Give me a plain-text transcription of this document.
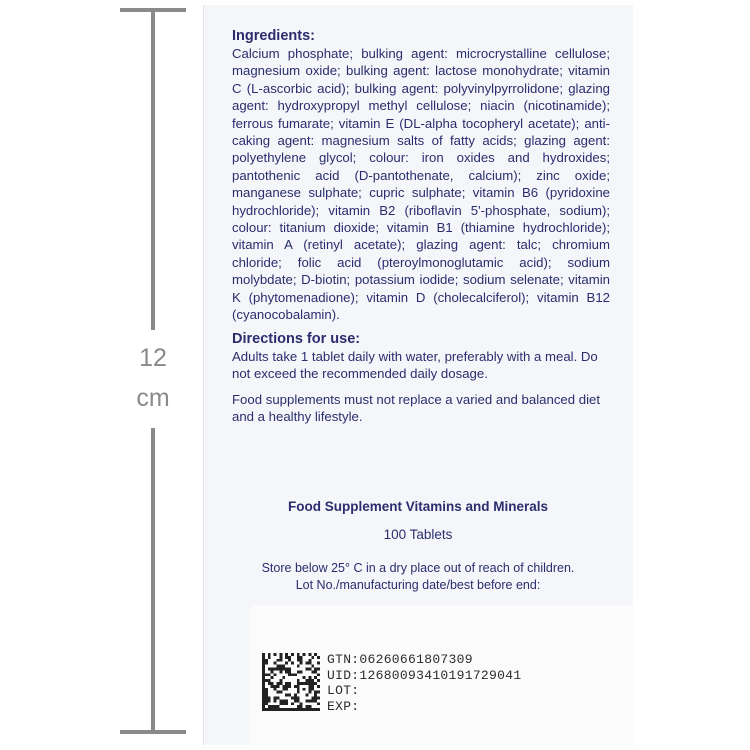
12
cm
Ingredients:
Calcium phosphate; bulking agent: microcrystalline cellulose; magnesium oxide; bulking agent: lactose monohydrate; vitamin C (L-ascorbic acid); bulking agent: polyvinylpyrrolidone; glazing agent: hydroxypropyl methyl cellulose; niacin (nicotinamide); ferrous fumarate; vitamin E (DL-alpha tocopheryl acetate); anti-caking agent: magnesium salts of fatty acids; glazing agent: polyethylene glycol; colour: iron oxides and hydroxides; pantothenic acid (D-pantothenate, calcium); zinc oxide; manganese sulphate; cupric sulphate; vitamin B6 (pyridoxine hydrochloride); vitamin B2 (riboflavin 5'-phosphate, sodium); colour: titanium dioxide; vitamin B1 (thiamine hydrochloride); vitamin A (retinyl acetate); glazing agent: talc; chromium chloride; folic acid (pteroylmonoglutamic acid); sodium molybdate; D-biotin; potassium iodide; sodium selenate; vitamin K (phytomenadione); vitamin D (cholecalciferol); vitamin B12 (cyanocobalamin).
Directions for use:
Adults take 1 tablet daily with water, preferably with a meal. Do not exceed the recommended daily dosage.
Food supplements must not replace a varied and balanced diet and a healthy lifestyle.
Food Supplement Vitamins and Minerals
100 Tablets
Store below 25° C in a dry place out of reach of children.
Lot No./manufacturing date/best before end:
GTN:06260661807309
UID:12680093410191729041
LOT:
EXP:
